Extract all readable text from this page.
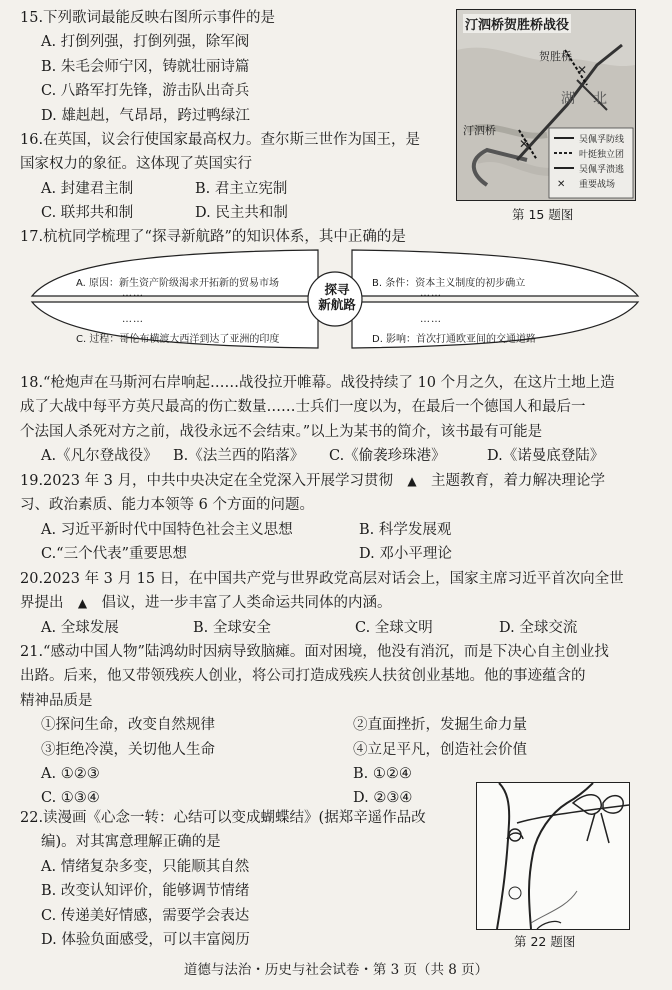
15.下列歌词最能反映右图所示事件的是
A. 打倒列强，打倒列强，除军阀
B. 朱毛会师宁冈，铸就壮丽诗篇
C. 八路军打先锋，游击队出奇兵
D. 雄赳赳，气昂昂，跨过鸭绿江
✕
✕
✕
汀泗桥贺胜桥战役
贺胜桥
汀泗桥
湖 北
吴佩孚防线
叶挺独立团
吴佩孚溃逃
重要战场
第 15 题图
16.在英国，议会行使国家最高权力。查尔斯三世作为国王，是
国家权力的象征。这体现了英国实行
A. 封建君主制	B. 君主立宪制
C. 联邦共和制	D. 民主共和制
17.杭杭同学梳理了“探寻新航路”的知识体系，其中正确的是
探寻
新航路
A. 原因：新生资产阶级渴求开拓新的贸易市场
……
B. 条件：资本主义制度的初步确立
……
C. 过程：哥伦布横渡大西洋到达了亚洲的印度
……
D. 影响：首次打通欧亚间的交通道路
……
18.“枪炮声在马斯河右岸响起……战役拉开帷幕。战役持续了 10 个月之久，在这片土地上造
成了大战中每平方英尺最高的伤亡数量……士兵们一度以为，在最后一个德国人和最后一
个法国人杀死对方之前，战役永远不会结束。”以上为某书的简介，该书最有可能是
A.《凡尔登战役》	B.《法兰西的陷落》	C.《偷袭珍珠港》	D.《诺曼底登陆》
19.2023 年 3 月，中共中央决定在全党深入开展学习贯彻 ▲ 主题教育，着力解决理论学
习、政治素质、能力本领等 6 个方面的问题。
A. 习近平新时代中国特色社会主义思想	B. 科学发展观
C.“三个代表”重要思想	D. 邓小平理论
20.2023 年 3 月 15 日，在中国共产党与世界政党高层对话会上，国家主席习近平首次向全世
界提出 ▲ 倡议，进一步丰富了人类命运共同体的内涵。
A. 全球发展	B. 全球安全	C. 全球文明	D. 全球交流
21.“感动中国人物”陆鸿幼时因病导致脑瘫。面对困境，他没有消沉，而是下决心自主创业找
出路。后来，他又带领残疾人创业，将公司打造成残疾人扶贫创业基地。他的事迹蕴含的
精神品质是
①探问生命，改变自然规律	②直面挫折，发掘生命力量
③拒绝冷漠，关切他人生命	④立足平凡，创造社会价值
A. ①②③	B. ①②④
C. ①③④	D. ②③④
22.读漫画《心念一转：心结可以变成蝴蝶结》(据郑辛遥作品改
编)。对其寓意理解正确的是
A. 情绪复杂多变，只能顺其自然
B. 改变认知评价，能够调节情绪
C. 传递美好情感，需要学会表达
D. 体验负面感受，可以丰富阅历	第 22 题图
道德与法治・历史与社会试卷・第 3 页（共 8 页）
